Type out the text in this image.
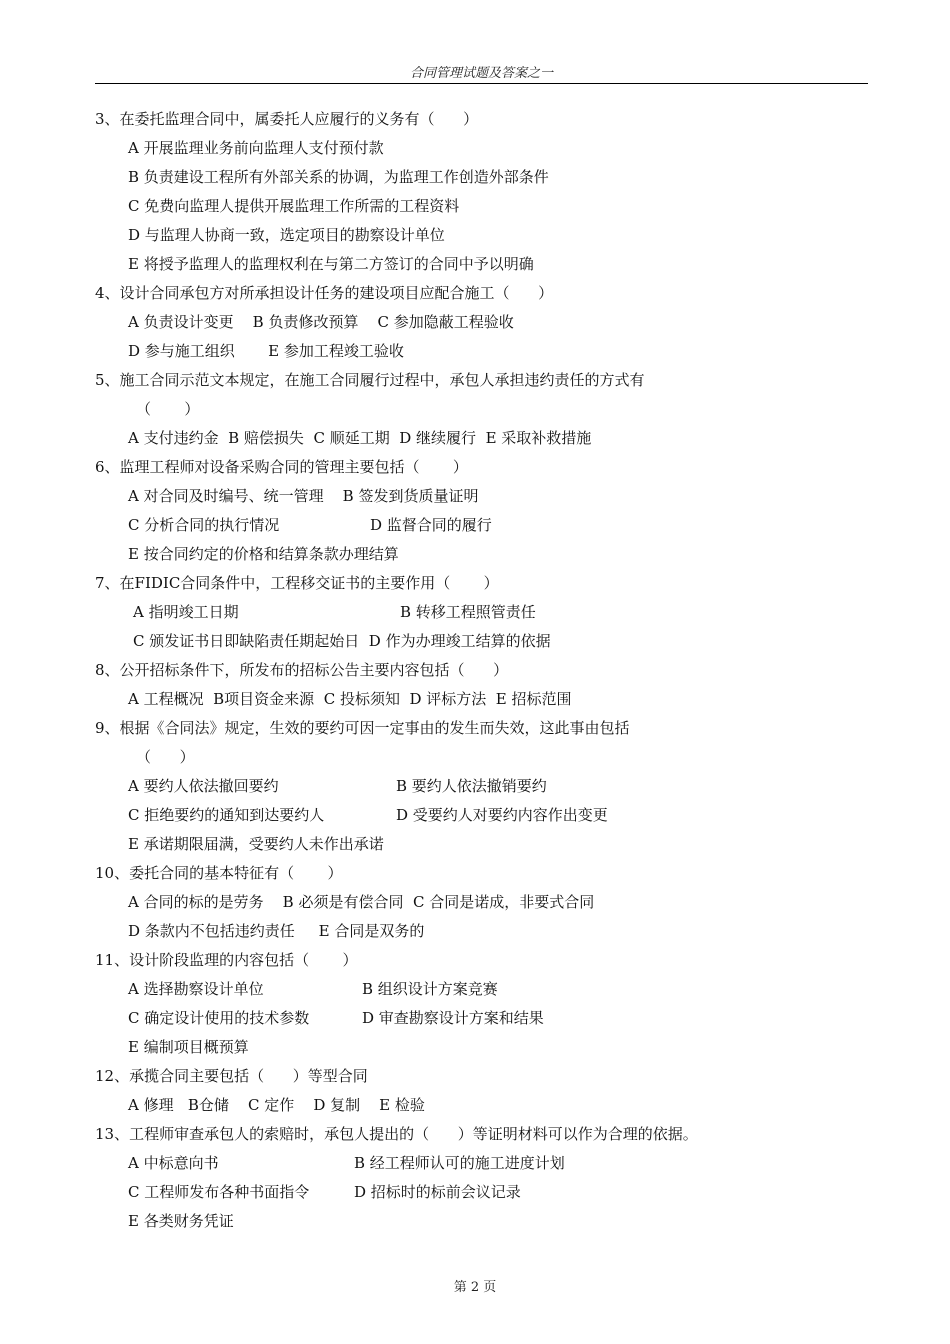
合同管理试题及答案之一
3、在委托监理合同中，属委托人应履行的义务有（      ）
A 开展监理业务前向监理人支付预付款
B 负责建设工程所有外部关系的协调，为监理工作创造外部条件
C 免费向监理人提供开展监理工作所需的工程资料
D 与监理人协商一致，选定项目的勘察设计单位
E 将授予监理人的监理权利在与第二方签订的合同中予以明确
4、设计合同承包方对所承担设计任务的建设项目应配合施工（      ）
A 负责设计变更    B 负责修改预算    C 参加隐蔽工程验收
D 参与施工组织       E 参加工程竣工验收
5、施工合同示范文本规定，在施工合同履行过程中，承包人承担违约责任的方式有
（       ）
A 支付违约金  B 赔偿损失  C 顺延工期  D 继续履行  E 采取补救措施
6、监理工程师对设备采购合同的管理主要包括（       ）
A 对合同及时编号、统一管理    B 签发到货质量证明
C 分析合同的执行情况	D 监督合同的履行
E 按合同约定的价格和结算条款办理结算
7、在FIDIC合同条件中，工程移交证书的主要作用（       ）
A 指明竣工日期	B 转移工程照管责任
C 颁发证书日即缺陷责任期起始日  D 作为办理竣工结算的依据
8、公开招标条件下，所发布的招标公告主要内容包括（      ）
A 工程概况  B项目资金来源  C 投标须知  D 评标方法  E 招标范围
9、根据《合同法》规定，生效的要约可因一定事由的发生而失效，这此事由包括
（      ）
A 要约人依法撤回要约	B 要约人依法撤销要约
C 拒绝要约的通知到达要约人	D 受要约人对要约内容作出变更
E 承诺期限届满，受要约人未作出承诺
10、委托合同的基本特征有（       ）
A 合同的标的是劳务    B 必须是有偿合同  C 合同是诺成，非要式合同
D 条款内不包括违约责任     E 合同是双务的
11、设计阶段监理的内容包括（       ）
A 选择勘察设计单位	B 组织设计方案竞赛
C 确定设计使用的技术参数	D 审查勘察设计方案和结果
E 编制项目概预算
12、承揽合同主要包括（      ）等型合同
A 修理   B仓储    C 定作    D 复制    E 检验
13、工程师审查承包人的索赔时，承包人提出的（      ）等证明材料可以作为合理的依据。
A 中标意向书	B 经工程师认可的施工进度计划
C 工程师发布各种书面指令	D 招标时的标前会议记录
E 各类财务凭证
第 2 页
